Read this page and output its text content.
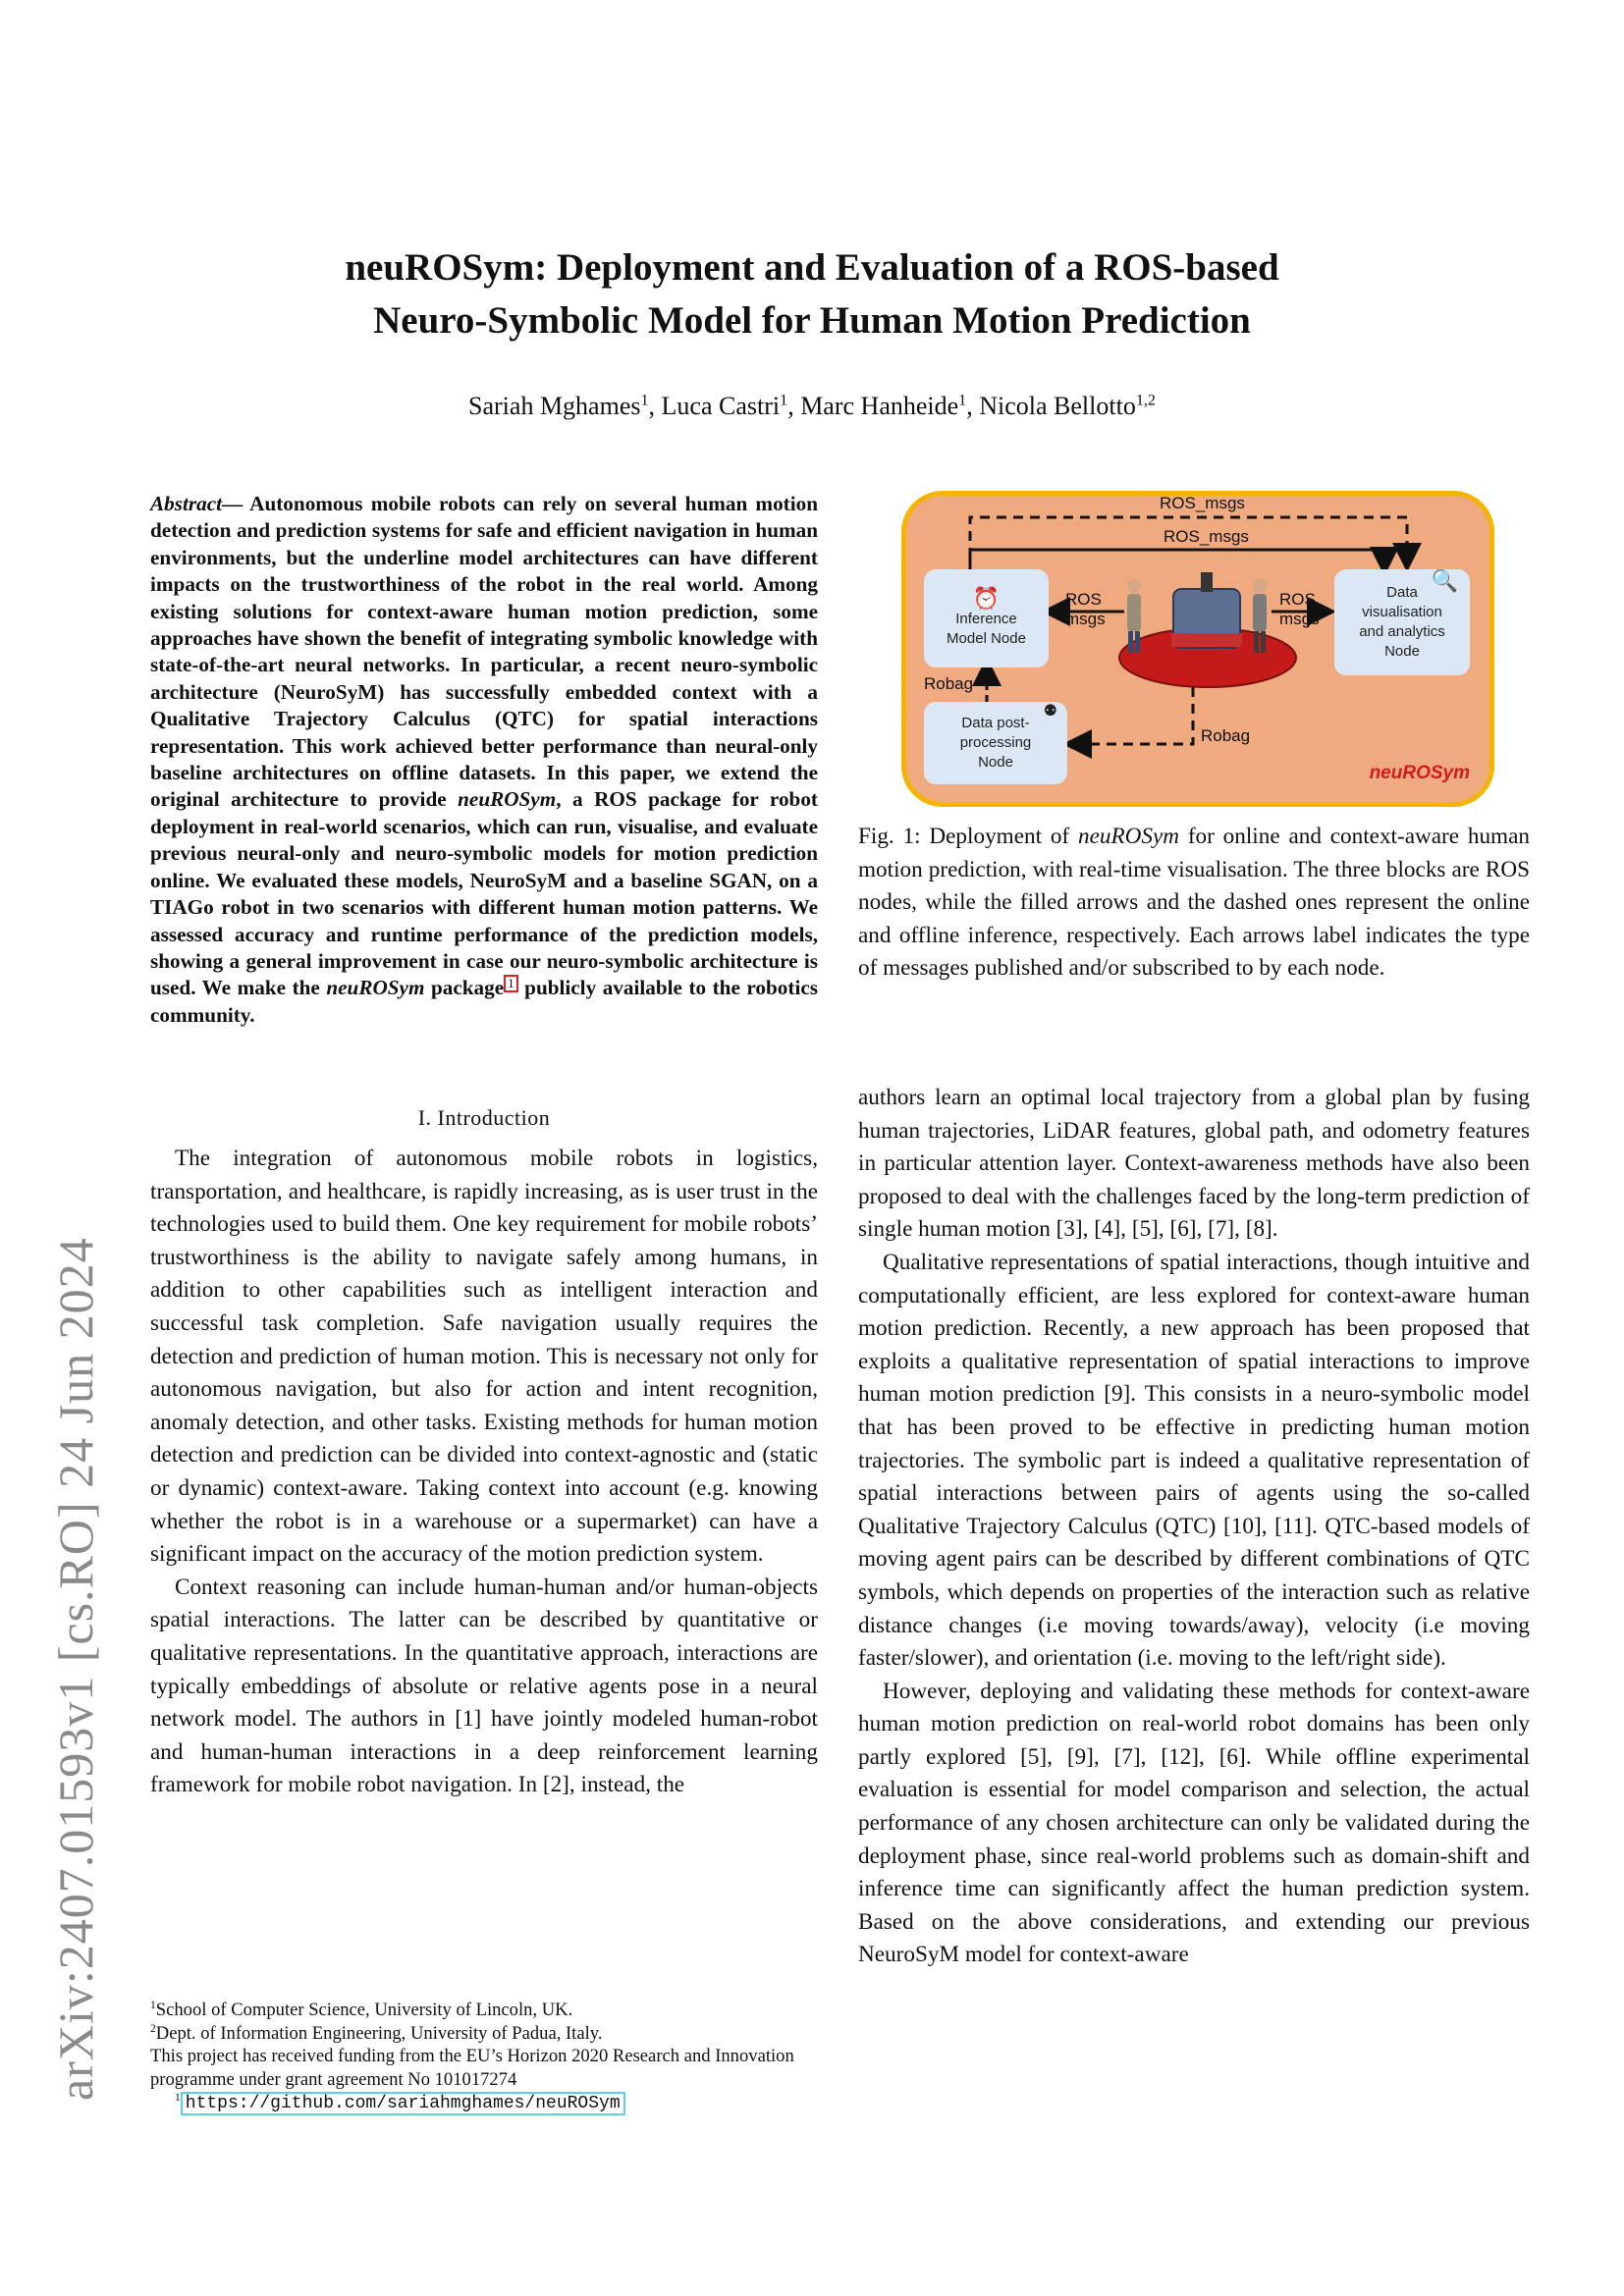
arXiv:2407.01593v1 [cs.RO] 24 Jun 2024
neuROSym: Deployment and Evaluation of a ROS-based
Neuro-Symbolic Model for Human Motion Prediction
Sariah Mghames$^1$, Luca Castri$^1$, Marc Hanheide$^1$, Nicola Bellotto$^{1,2}$
Abstract— Autonomous mobile robots can rely on several human motion detection and prediction systems for safe and efficient navigation in human environments, but the underline model architectures can have different impacts on the trustworthiness of the robot in the real world. Among existing solutions for context-aware human motion prediction, some approaches have shown the benefit of integrating symbolic knowledge with state-of-the-art neural networks. In particular, a recent neuro-symbolic architecture (NeuroSyM) has successfully embedded context with a Qualitative Trajectory Calculus (QTC) for spatial interactions representation. This work achieved better performance than neural-only baseline architectures on offline datasets. In this paper, we extend the original architecture to provide neuROSym, a ROS package for robot deployment in real-world scenarios, which can run, visualise, and evaluate previous neural-only and neuro-symbolic models for motion prediction online. We evaluated these models, NeuroSyM and a baseline SGAN, on a TIAGo robot in two scenarios with different human motion patterns. We assessed accuracy and runtime performance of the prediction models, showing a general improvement in case our neuro-symbolic architecture is used. We make the neuROSym package 1 publicly available to the robotics community.
I. Introduction

The integration of autonomous mobile robots in logistics, transportation, and healthcare, is rapidly increasing, as is user trust in the technologies used to build them. One key requirement for mobile robots’ trustworthiness is the ability to navigate safely among humans, in addition to other capabilities such as intelligent interaction and successful task completion. Safe navigation usually requires the detection and prediction of human motion. This is necessary not only for autonomous navigation, but also for action and intent recognition, anomaly detection, and other tasks. Existing methods for human motion detection and prediction can be divided into context-agnostic and (static or dynamic) context-aware. Taking context into account (e.g. knowing whether the robot is in a warehouse or a supermarket) can have a significant impact on the accuracy of the motion prediction system.

Context reasoning can include human-human and/or human-objects spatial interactions. The latter can be described by quantitative or qualitative representations. In the quantitative approach, interactions are typically embeddings of absolute or relative agents pose in a neural network model. The authors in [1] have jointly modeled human-robot and human-human interactions in a deep reinforcement learning framework for mobile robot navigation. In [2], instead, the

$^1$School of Computer Science, University of Lincoln, UK.

$^2$Dept. of Information Engineering, University of Padua, Italy.

This project has received funding from the EU’s Horizon 2020 Research and Innovation programme under grant agreement No 101017274

$^1$ https://github.com/sariahmghames/neuROSym

ROS_msgs
ROS_msgs
ROS
msgs
ROS
msgs
Robag
Robag
⏰
Inference
Model Node
Data
visualisation
and analytics
Node
🔍
⚉
Data post-
processing
Node
neuROSym
Fig. 1: Deployment of neuROSym for online and context-aware human motion prediction, with real-time visualisation. The three blocks are ROS nodes, while the filled arrows and the dashed ones represent the online and offline inference, respectively. Each arrows label indicates the type of messages published and/or subscribed to by each node.

authors learn an optimal local trajectory from a global plan by fusing human trajectories, LiDAR features, global path, and odometry features in particular attention layer. Context-awareness methods have also been proposed to deal with the challenges faced by the long-term prediction of single human motion [3], [4], [5], [6], [7], [8].

Qualitative representations of spatial interactions, though intuitive and computationally efficient, are less explored for context-aware human motion prediction. Recently, a new approach has been proposed that exploits a qualitative representation of spatial interactions to improve human motion prediction [9]. This consists in a neuro-symbolic model that has been proved to be effective in predicting human motion trajectories. The symbolic part is indeed a qualitative representation of spatial interactions between pairs of agents using the so-called Qualitative Trajectory Calculus (QTC) [10], [11]. QTC-based models of moving agent pairs can be described by different combinations of QTC symbols, which depends on properties of the interaction such as relative distance changes (i.e moving towards/away), velocity (i.e moving faster/slower), and orientation (i.e. moving to the left/right side).

However, deploying and validating these methods for context-aware human motion prediction on real-world robot domains has been only partly explored [5], [9], [7], [12], [6]. While offline experimental evaluation is essential for model comparison and selection, the actual performance of any chosen architecture can only be validated during the deployment phase, since real-world problems such as domain-shift and inference time can significantly affect the human prediction system. Based on the above considerations, and extending our previous NeuroSyM model for context-aware
